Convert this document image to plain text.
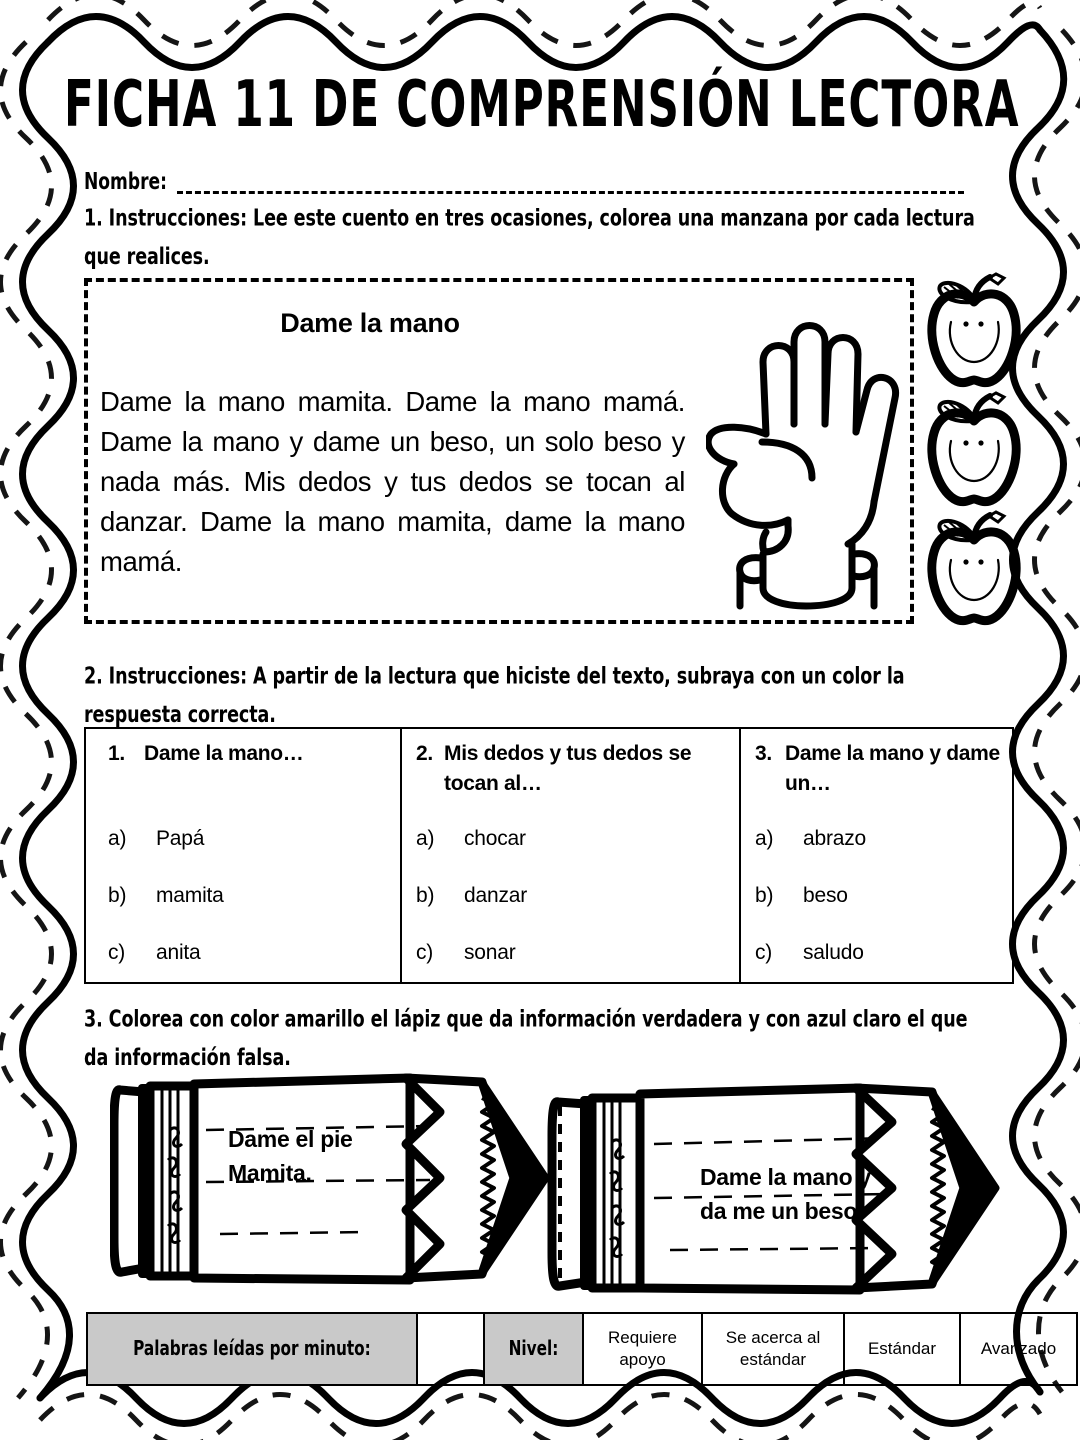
FICHA 11 DE COMPRENSIÓN LECTORA
Nombre:
1. Instrucciones: Lee este cuento en tres ocasiones, colorea una manzana por cada lectura que realices.
Dame la mano
Dame la mano mamita. Dame la mano mamá. Dame la mano y dame un beso, un solo beso y nada más. Mis dedos y tus dedos se tocan al danzar. Dame la mano mamita, dame la mano mamá.
2. Instrucciones: A partir de la lectura que hiciste del texto, subraya con un color la respuesta correcta.
1. Dame la mano…
a)	Papá
b)	mamita
c)	anita

2. Mis dedos y tus dedos se tocan al…
a)	chocar
b)	danzar
c)	sonar

3. Dame la mano y dame un…
a)	abrazo
b)	beso
c)	saludo
3. Colorea con color amarillo el lápiz que da información verdadera y con azul claro el que da información falsa.
Dame el pie Mamita.	Dame la mano y da me un beso
Palabras leídas por minuto:		Nivel:	Requiere apoyo	Se acerca al estándar	Estándar	Avanzado
